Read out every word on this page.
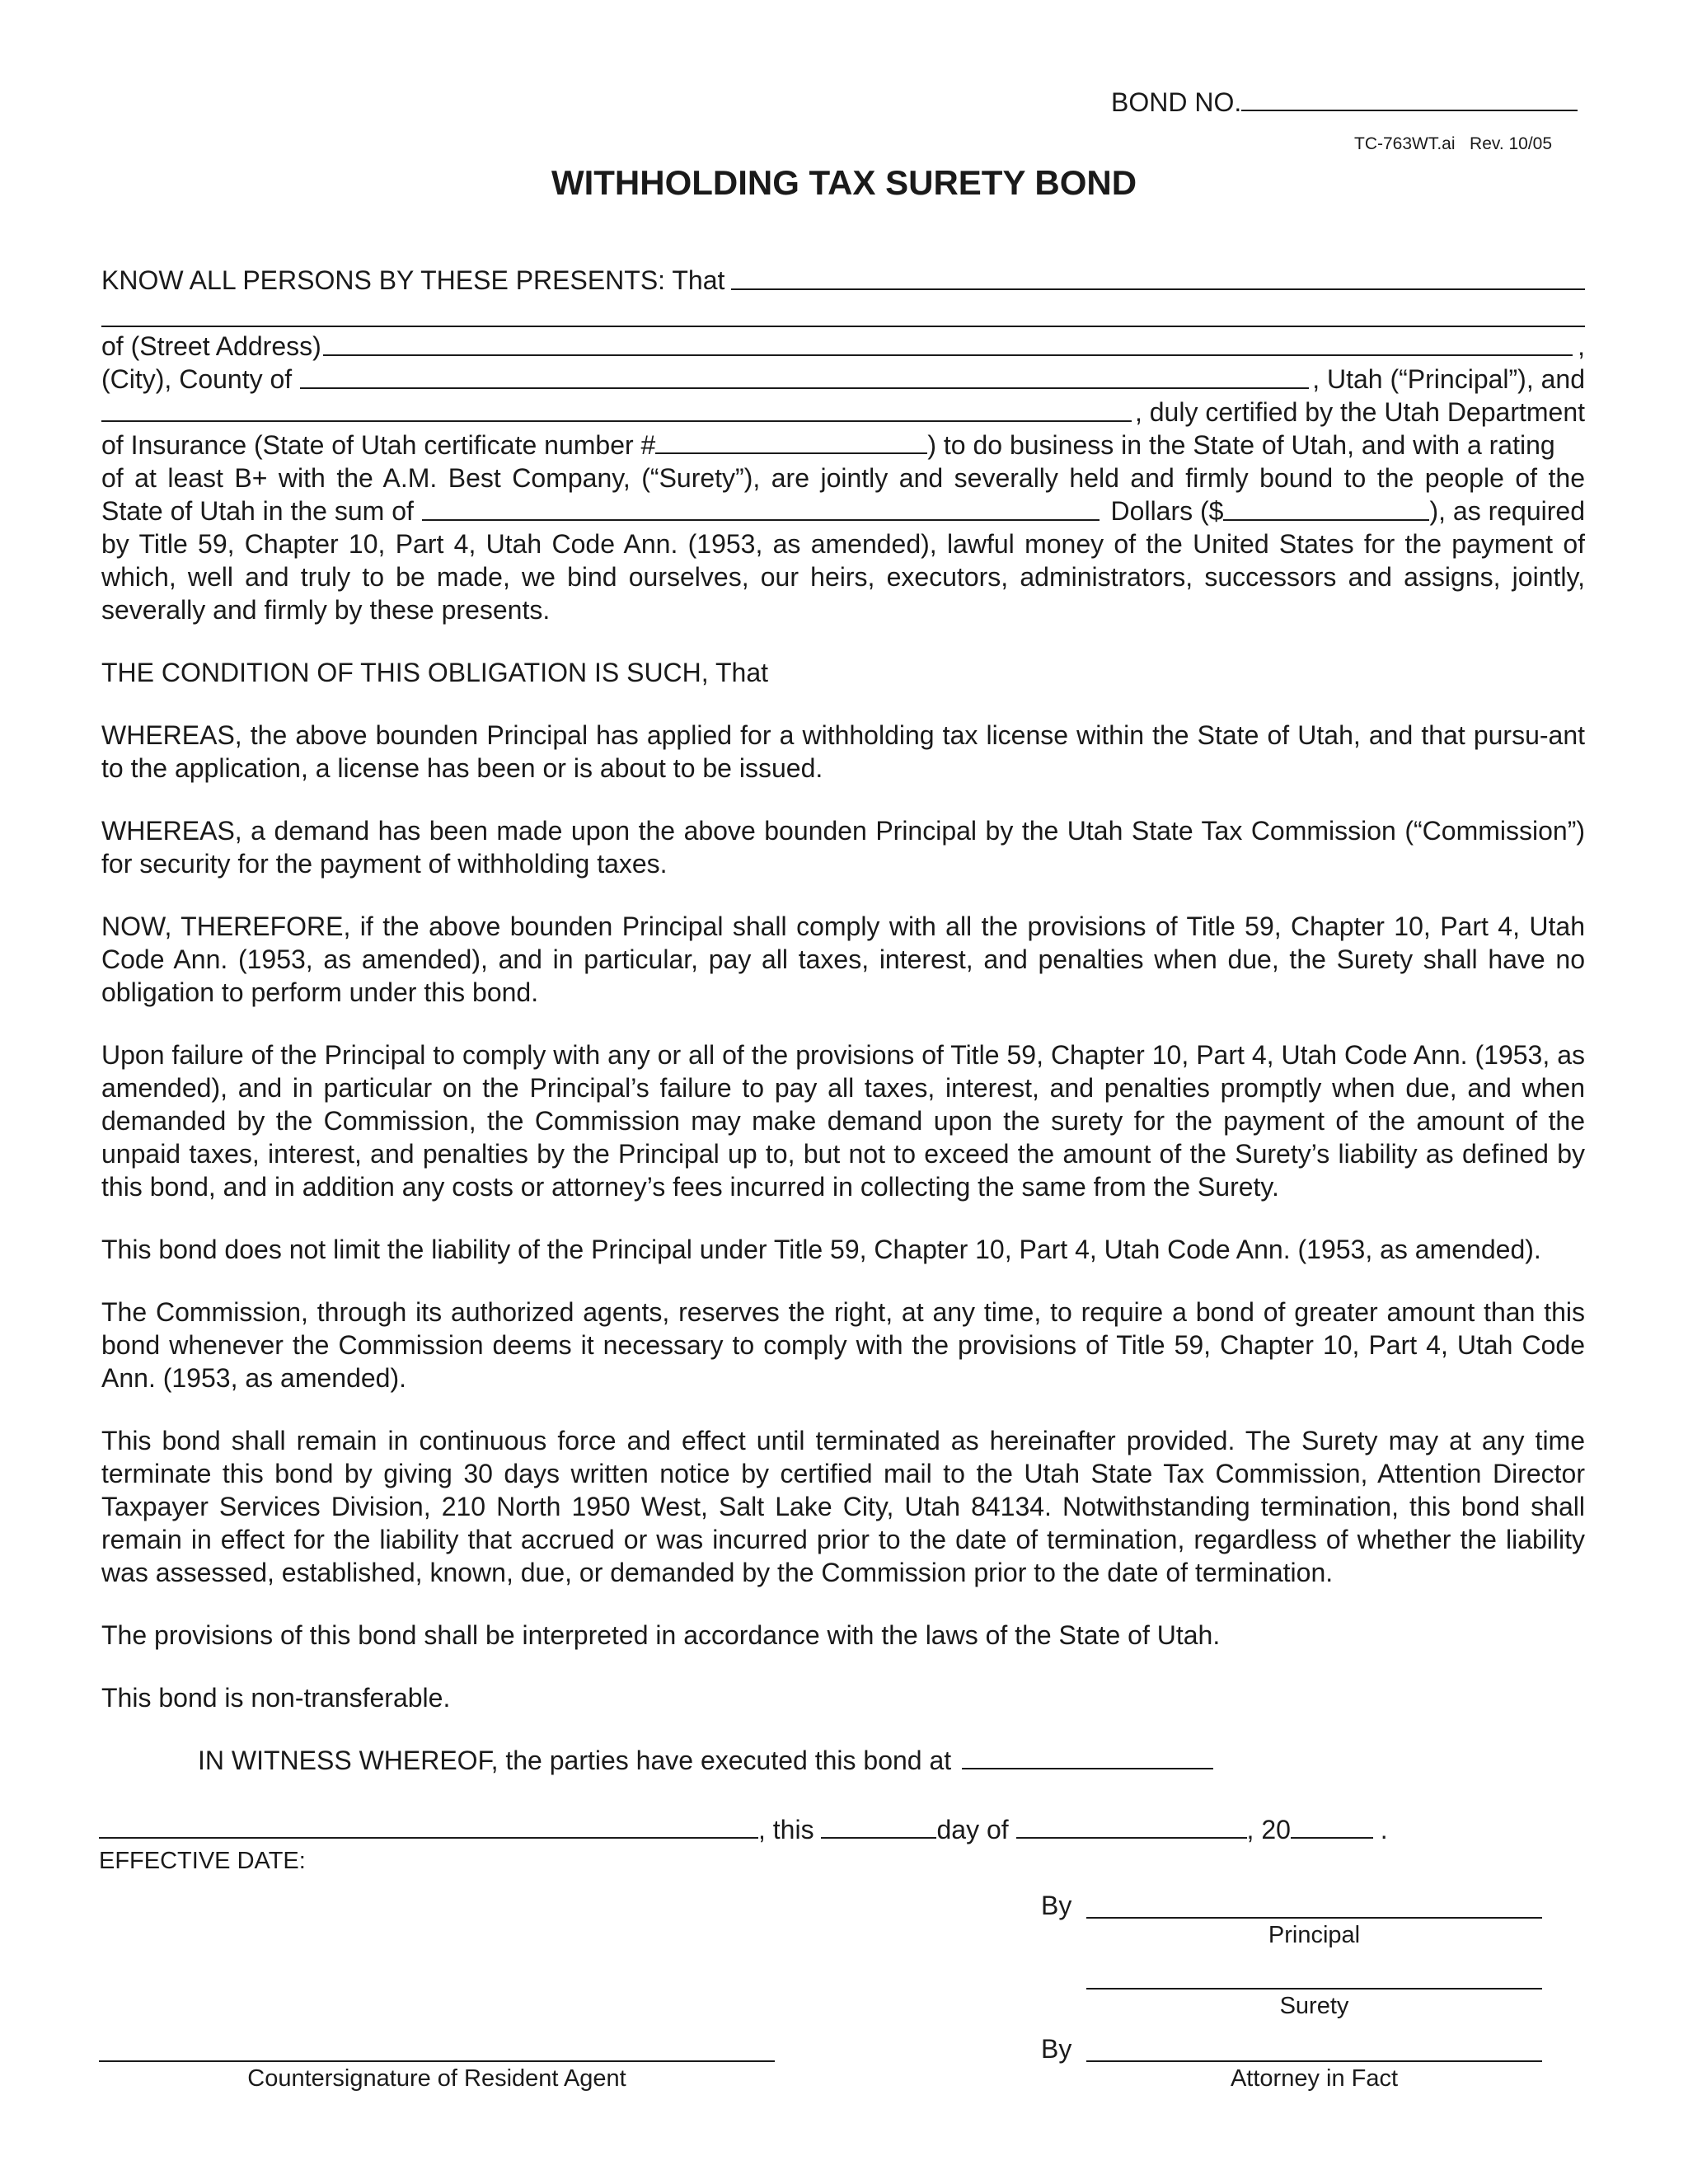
BOND NO.
TC-763WT.ai   Rev. 10/05
WITHHOLDING TAX SURETY BOND
KNOW ALL PERSONS BY THESE PRESENTS: That
of (Street Address)	,
(City), County of	, Utah (“Principal”), and
, duly certified by the Utah Department
of Insurance (State of Utah certificate number #	) to do business in the State of Utah, and with a rating
of at least B+ with the A.M. Best Company, (“Surety”), are jointly and severally held and firmly bound to the people of the
State of Utah in the sum of	Dollars ($	), as required
by Title 59, Chapter 10, Part 4, Utah Code Ann. (1953, as amended), lawful money of the United States for the payment of which, well and truly to be made, we bind ourselves, our heirs, executors, administrators, successors and assigns, jointly, severally and firmly by these presents.
THE CONDITION OF THIS OBLIGATION IS SUCH, That
WHEREAS, the above bounden Principal has applied for a withholding tax license within the State of Utah, and that pursu-ant to the application, a license has been or is about to be issued.
WHEREAS, a demand has been made upon the above bounden Principal by the Utah State Tax Commission (“Commission”) for security for the payment of withholding taxes.
NOW, THEREFORE, if the above bounden Principal shall comply with all the provisions of Title 59, Chapter 10, Part 4, Utah Code Ann. (1953, as amended), and in particular, pay all taxes, interest, and penalties when due, the Surety shall have no obligation to perform under this bond.
Upon failure of the Principal to comply with any or all of the provisions of Title 59, Chapter 10, Part 4, Utah Code Ann. (1953, as amended), and in particular on the Principal’s failure to pay all taxes, interest, and penalties promptly when due, and when demanded by the Commission, the Commission may make demand upon the surety for the payment of the amount of the unpaid taxes, interest, and penalties by the Principal up to, but not to exceed the amount of the Surety’s liability as defined by this bond, and in addition any costs or attorney’s fees incurred in collecting the same from the Surety.
This bond does not limit the liability of the Principal under Title 59, Chapter 10, Part 4, Utah Code Ann. (1953, as amended).
The Commission, through its authorized agents, reserves the right, at any time, to require a bond of greater amount than this bond whenever the Commission deems it necessary to comply with the provisions of Title 59, Chapter 10, Part 4, Utah Code Ann. (1953, as amended).
This bond shall remain in continuous force and effect until terminated as hereinafter provided. The Surety may at any time terminate this bond by giving 30 days written notice by certified mail to the Utah State Tax Commission, Attention Director Taxpayer Services Division, 210 North 1950 West, Salt Lake City, Utah 84134. Notwithstanding termination, this bond shall remain in effect for the liability that accrued or was incurred prior to the date of termination, regardless of whether the liability was assessed, established, known, due, or demanded by the Commission prior to the date of termination.
The provisions of this bond shall be interpreted in accordance with the laws of the State of Utah.
This bond is non-transferable.
IN WITNESS WHEREOF, the parties have executed this bond at
, this	day of	, 20	.
EFFECTIVE DATE:
By
Principal
Surety
By
Attorney in Fact
Countersignature of Resident Agent
